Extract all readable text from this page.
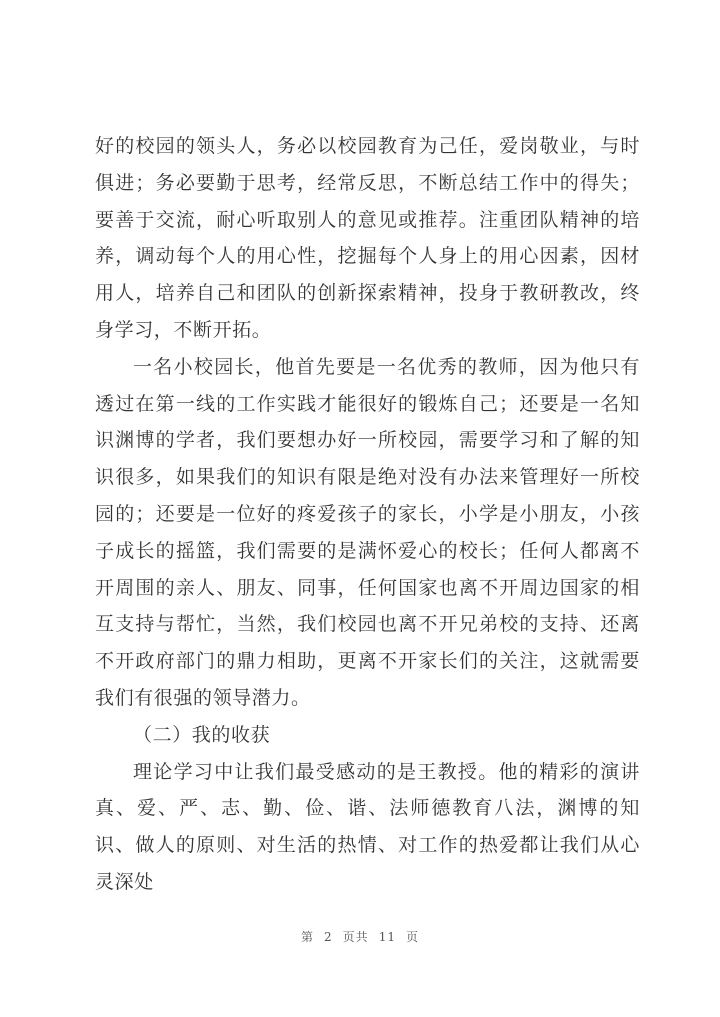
好的校园的领头人，务必以校园教育为己任，爱岗敬业，与时俱进；务必要勤于思考，经常反思，不断总结工作中的得失；要善于交流，耐心听取别人的意见或推荐。注重团队精神的培养，调动每个人的用心性，挖掘每个人身上的用心因素，因材用人，培养自己和团队的创新探索精神，投身于教研教改，终身学习，不断开拓。

一名小校园长，他首先要是一名优秀的教师，因为他只有透过在第一线的工作实践才能很好的锻炼自己；还要是一名知识渊博的学者，我们要想办好一所校园，需要学习和了解的知识很多，如果我们的知识有限是绝对没有办法来管理好一所校园的；还要是一位好的疼爱孩子的家长，小学是小朋友，小孩子成长的摇篮，我们需要的是满怀爱心的校长；任何人都离不开周围的亲人、朋友、同事，任何国家也离不开周边国家的相互支持与帮忙，当然，我们校园也离不开兄弟校的支持、还离不开政府部门的鼎力相助，更离不开家长们的关注，这就需要我们有很强的领导潜力。

（二）我的收获

理论学习中让我们最受感动的是王教授。他的精彩的演讲真、爱、严、志、勤、俭、谐、法师德教育八法，渊博的知识、做人的原则、对生活的热情、对工作的热爱都让我们从心灵深处

第 2 页共 11 页
